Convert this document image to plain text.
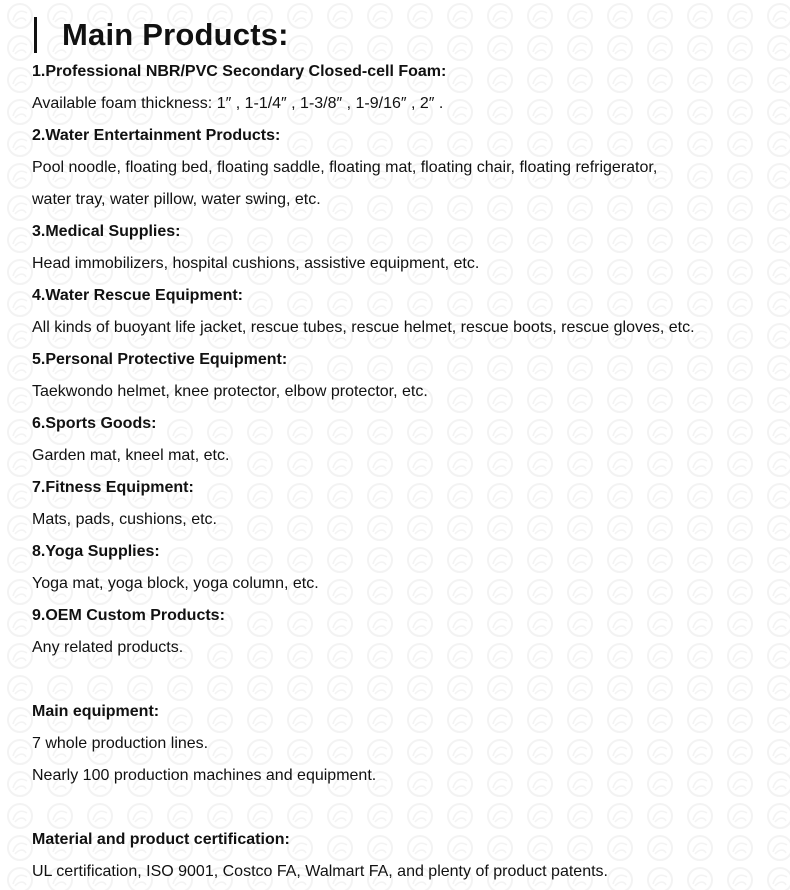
Main Products:
1.Professional NBR/PVC Secondary Closed-cell Foam:
Available foam thickness: 1″ , 1-1/4″ , 1-3/8″ , 1-9/16″ , 2″ .
2.Water Entertainment Products:
Pool noodle, floating bed, floating saddle, floating mat, floating chair, floating refrigerator,
water tray, water pillow, water swing, etc.
3.Medical Supplies:
Head immobilizers, hospital cushions, assistive equipment, etc.
4.Water Rescue Equipment:
All kinds of buoyant life jacket, rescue tubes, rescue helmet, rescue boots, rescue gloves, etc.
5.Personal Protective Equipment:
Taekwondo helmet, knee protector, elbow protector, etc.
6.Sports Goods:
Garden mat, kneel mat, etc.
7.Fitness Equipment:
Mats, pads, cushions, etc.
8.Yoga Supplies:
Yoga mat, yoga block, yoga column, etc.
9.OEM Custom Products:
Any related products.
Main equipment:
7 whole production lines.
Nearly 100 production machines and equipment.
Material and product certification:
UL certification, ISO 9001, Costco FA, Walmart FA, and plenty of product patents.
